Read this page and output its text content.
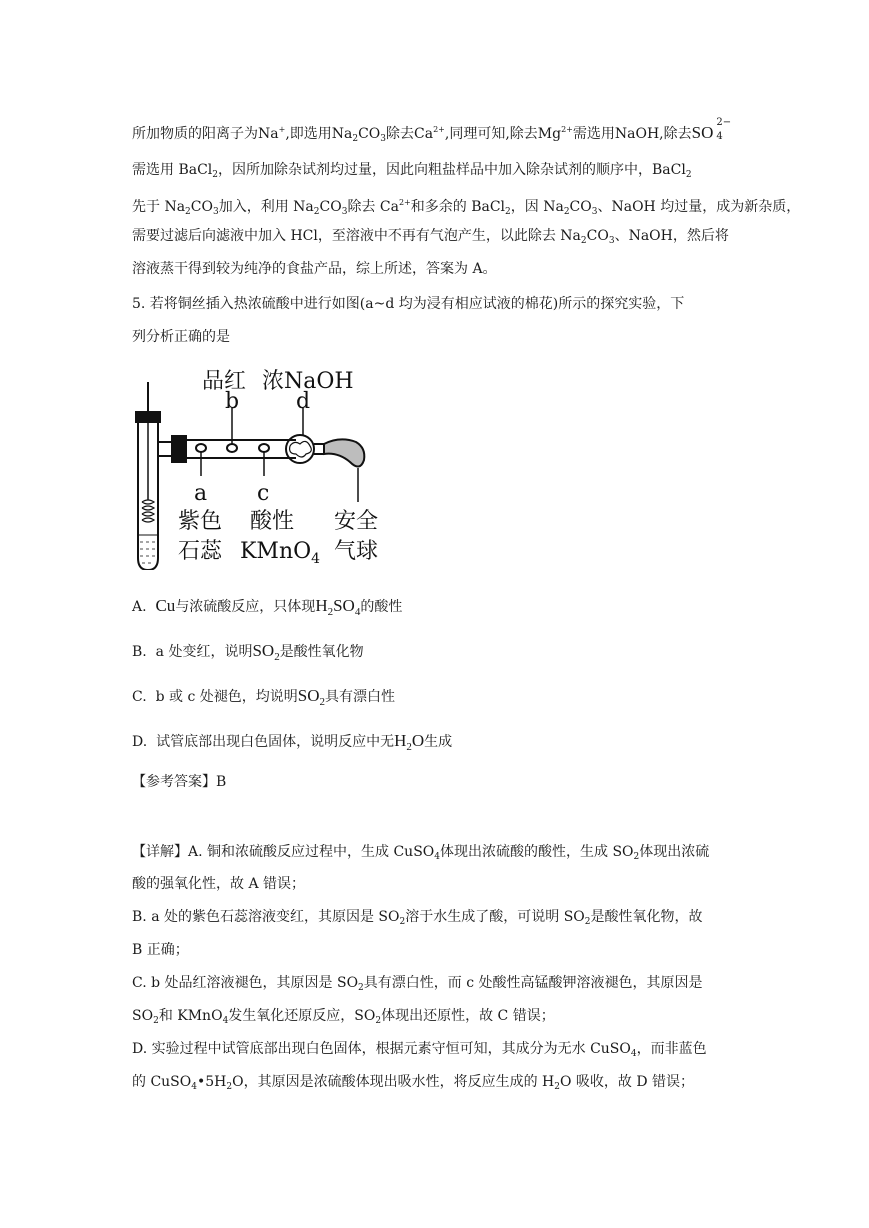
所加物质的阳离子为Na+,即选用$Na_2CO_3$除去$Ca^{2+}$,同理可知,除去$Mg^{2+}$需选用NaOH,除去SO
2−
4
需选用 BaCl$_2$，因所加除杂试剂均过量，因此向粗盐样品中加入除杂试剂的顺序中，BaCl$_2$
先于 $Na_2CO_3$加入，利用 $Na_2CO_3$除去 $Ca^{2+}$和多余的 BaCl$_2$，因 $Na_2CO_3$、NaOH 均过量，成为新杂质，
需要过滤后向滤液中加入 HCl，至溶液中不再有气泡产生，以此除去 $Na_2CO_3$、NaOH，然后将
溶液蒸干得到较为纯净的食盐产品，综上所述，答案为 A。
5. 若将铜丝插入热浓硫酸中进行如图(a~d 均为浸有相应试液的棉花)所示的探究实验，下
列分析正确的是
品红 浓NaOH
b	d
a c
紫色
石蕊
酸性
KMnO$_4$
安全
气球
A. Cu与浓硫酸反应，只体现$H_2SO_4$的酸性
B. a 处变红，说明$SO_2$是酸性氧化物
C. b 或 c 处褪色，均说明$SO_2$具有漂白性
D. 试管底部出现白色固体，说明反应中无$H_2O$生成
【参考答案】B
【详解】A. 铜和浓硫酸反应过程中，生成 CuSO$_4$体现出浓硫酸的酸性，生成 $SO_2$体现出浓硫
酸的强氧化性，故 A 错误；
B. a 处的紫色石蕊溶液变红，其原因是 $SO_2$溶于水生成了酸，可说明 $SO_2$是酸性氧化物，故
B 正确；
C. b 处品红溶液褪色，其原因是 $SO_2$具有漂白性，而 c 处酸性高锰酸钾溶液褪色，其原因是
$SO_2$和 KMnO$_4$发生氧化还原反应，$SO_2$体现出还原性，故 C 错误；
D. 实验过程中试管底部出现白色固体，根据元素守恒可知，其成分为无水 CuSO$_4$，而非蓝色
的 $CuSO_4•5H_2O$，其原因是浓硫酸体现出吸水性，将反应生成的 $H_2O$ 吸收，故 D 错误；
